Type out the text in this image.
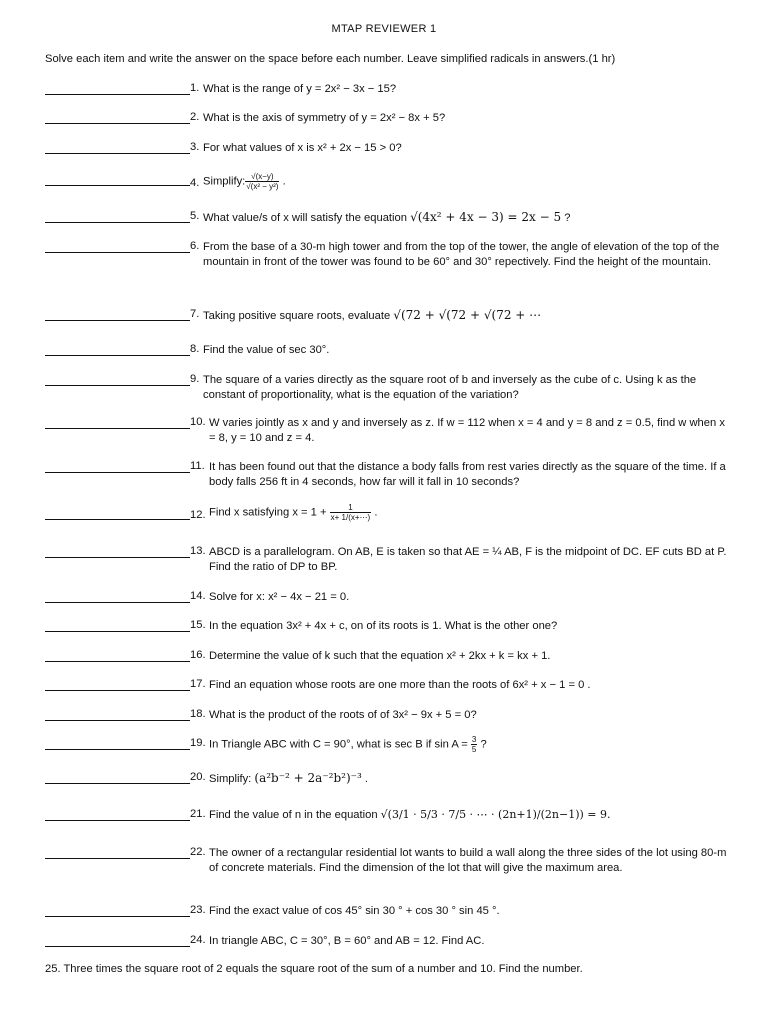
MTAP REVIEWER 1
Solve each item and write the answer on the space before each number. Leave simplified radicals in answers.(1 hr)
1. What is the range of y = 2x² − 3x − 15?
2. What is the axis of symmetry of y = 2x² − 8x + 5?
3. For what values of x is x² + 2x − 15 > 0?
4. Simplify: $\frac{√(x-y)}{\text{√(x² − y²)}}$ .
5. What value/s of x will satisfy the equation √(4x² + 4x − 3) = 2x − 5 ?
6. From the base of a 30-m high tower and from the top of the tower, the angle of elevation of the top of the mountain in front of the tower was found to be 60° and 30° repectively. Find the height of the mountain.
7. Taking positive square roots, evaluate √(72 + √(72 + √(72 + ⋯
8. Find the value of sec 30°.
9. The square of a varies directly as the square root of b and inversely as the cube of c. Using k as the constant of proportionality, what is the equation of the variation?
10. W varies jointly as x and y and inversely as z. If w = 112 when x = 4 and y = 8 and z = 0.5, find w when x = 8, y = 10 and z = 4.
11. It has been found out that the distance a body falls from rest varies directly as the square of the time. If a body falls 256 ft in 4 seconds, how far will it fall in 10 seconds?
12. Find x satisfying $x = 1 + \frac{1}{x+ 1/(x+\cdots)}$ .
13. ABCD is a parallelogram. On AB, E is taken so that AE = ¼ AB, F is the midpoint of DC. EF cuts BD at P. Find the ratio of DP to BP.
14. Solve for x: x² − 4x − 21 = 0.
15. In the equation 3x² + 4x + c, on of its roots is 1. What is the other one?
16. Determine the value of k such that the equation x² + 2kx + k = kx + 1.
17. Find an equation whose roots are one more than the roots of 6x² + x − 1 = 0 .
18. What is the product of the roots of of 3x² − 9x + 5 = 0?
19. In Triangle ABC with C = 90°, what is sec B if $\sin A = \frac{3}{5}$ ?
20. Simplify: (a²b⁻² + 2a⁻²b²)⁻³ .
21. Find the value of n in the equation √(3/1 · 5/3 · 7/5 · ⋯ · (2n+1)/(2n−1)) = 9.
22. The owner of a rectangular residential lot wants to build a wall along the three sides of the lot using 80-m of concrete materials. Find the dimension of the lot that will give the maximum area.
23. Find the exact value of cos 45° sin 30 ° + cos 30 ° sin 45 °.
24. In triangle ABC, C = 30°, B = 60° and AB = 12. Find AC.
25. Three times the square root of 2 equals the square root of the sum of a number and 10. Find the number.
